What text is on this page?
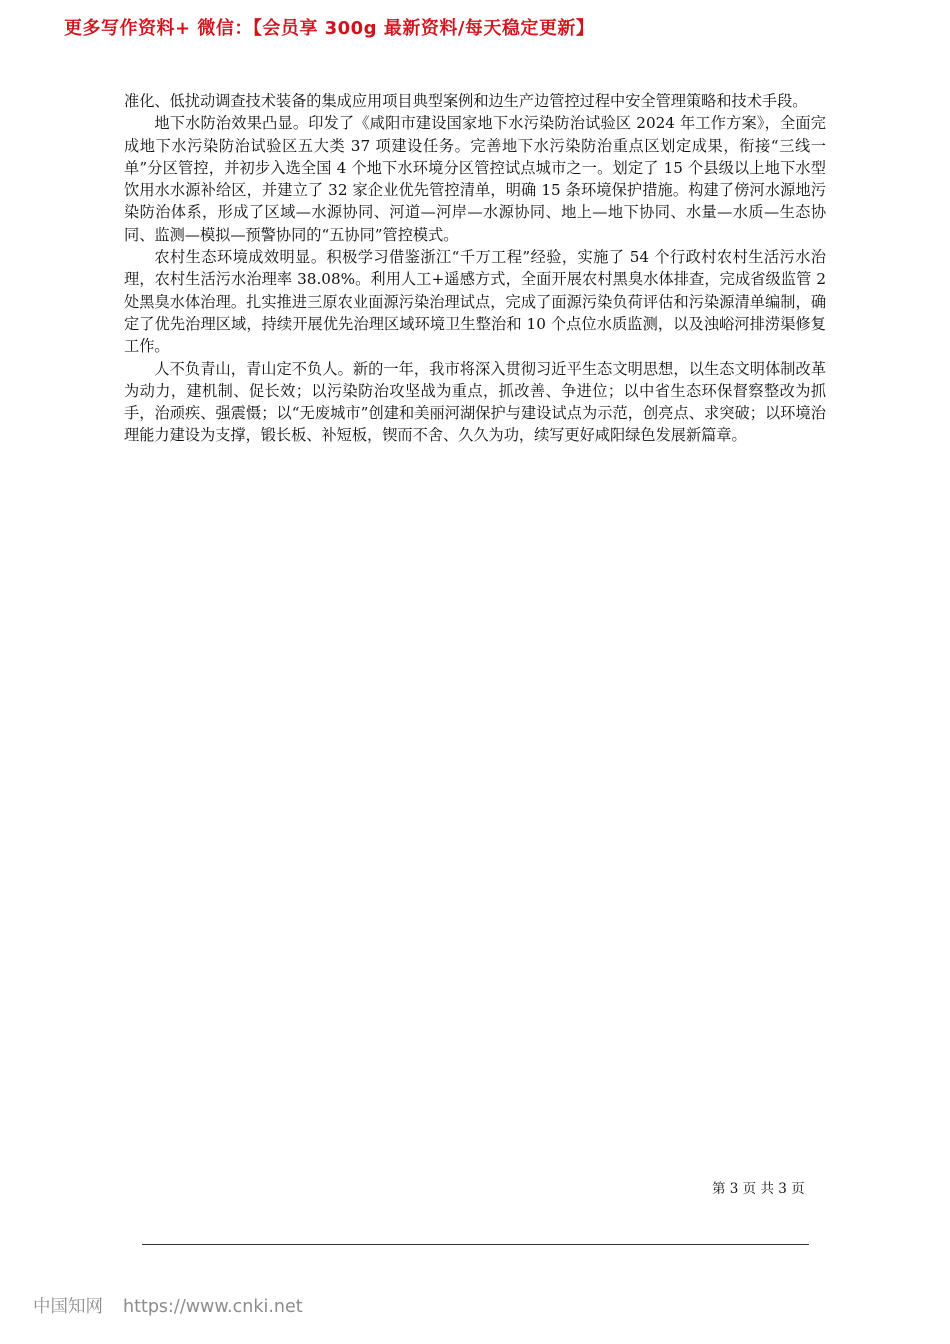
更多写作资料+ 微信：【会员享 300g 最新资料/每天稳定更新】

准化、低扰动调查技术装备的集成应用项目典型案例和边生产边管控过程中安全管理策略和技术手段。

地下水防治效果凸显。印发了《咸阳市建设国家地下水污染防治试验区 2024 年工作方案》，全面完成地下水污染防治试验区五大类 37 项建设任务。完善地下水污染防治重点区划定成果，衔接“三线一单”分区管控，并初步入选全国 4 个地下水环境分区管控试点城市之一。划定了 15 个县级以上地下水型饮用水水源补给区，并建立了 32 家企业优先管控清单，明确 15 条环境保护措施。构建了傍河水源地污染防治体系，形成了区域—水源协同、河道—河岸—水源协同、地上—地下协同、水量—水质—生态协同、监测—模拟—预警协同的“五协同”管控模式。

农村生态环境成效明显。积极学习借鉴浙江“千万工程”经验，实施了 54 个行政村农村生活污水治理，农村生活污水治理率 38.08%。利用人工+遥感方式，全面开展农村黑臭水体排查，完成省级监管 2 处黑臭水体治理。扎实推进三原农业面源污染治理试点，完成了面源污染负荷评估和污染源清单编制，确定了优先治理区域，持续开展优先治理区域环境卫生整治和 10 个点位水质监测，以及浊峪河排涝渠修复工作。

人不负青山，青山定不负人。新的一年，我市将深入贯彻习近平生态文明思想，以生态文明体制改革为动力，建机制、促长效；以污染防治攻坚战为重点，抓改善、争进位；以中省生态环保督察整改为抓手，治顽疾、强震慑；以“无废城市”创建和美丽河湖保护与建设试点为示范，创亮点、求突破；以环境治理能力建设为支撑，锻长板、补短板，锲而不舍、久久为功，续写更好咸阳绿色发展新篇章。

第 3 页 共 3 页
中国知网 https://www.cnki.net
